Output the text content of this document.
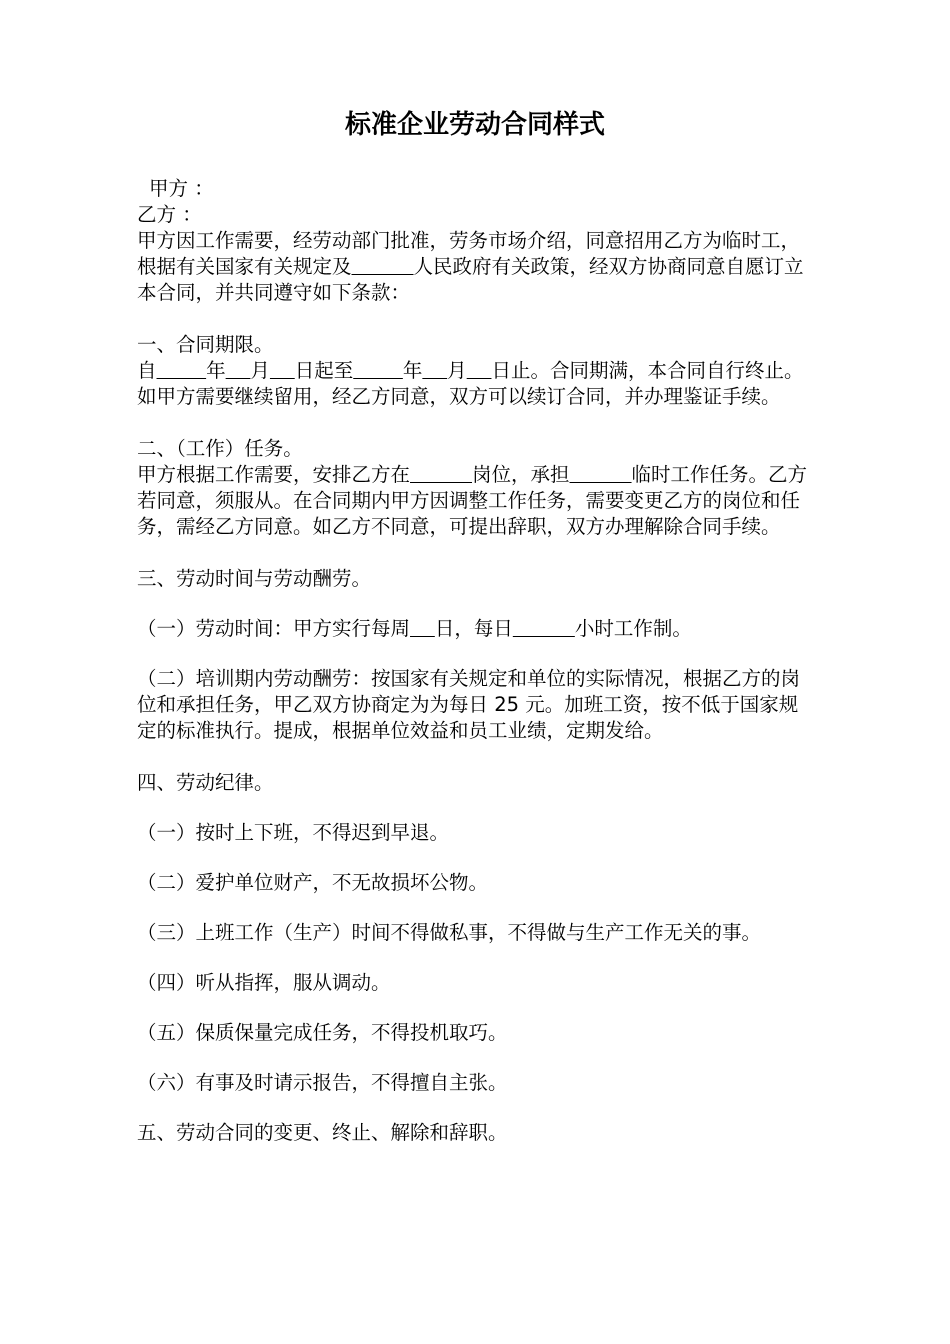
标准企业劳动合同样式

甲方 ：

乙方 ：

甲方因工作需要，经劳动部门批准，劳务市场介绍，同意招用乙方为临时工，根据有关国家有关规定及	人民政府有关政策，经双方协商同意自愿订立本合同，并共同遵守如下条款：

一、合同期限。

自	年 月 日起至	年 月 日止。合同期满，本合同自行终止。如甲方需要继续留用，经乙方同意，双方可以续订合同，并办理鉴证手续。

二、（工作）任务。

甲方根据工作需要，安排乙方在	岗位，承担	临时工作任务。乙方若同意，须服从。在合同期内甲方因调整工作任务，需要变更乙方的岗位和任务，需经乙方同意。如乙方不同意，可提出辞职，双方办理解除合同手续。

三、劳动时间与劳动酬劳。

（一）劳动时间：甲方实行每周 日，每日	小时工作制。

（二）培训期内劳动酬劳：按国家有关规定和单位的实际情况，根据乙方的岗位和承担任务，甲乙双方协商定为为每日 25 元。加班工资，按不低于国家规定的标准执行。提成，根据单位效益和员工业绩，定期发给。

四、劳动纪律。

（一）按时上下班，不得迟到早退。

（二）爱护单位财产，不无故损坏公物。

（三）上班工作（生产）时间不得做私事，不得做与生产工作无关的事。

（四）听从指挥，服从调动。

（五）保质保量完成任务，不得投机取巧。

（六）有事及时请示报告，不得擅自主张。

五、劳动合同的变更、终止、解除和辞职。
